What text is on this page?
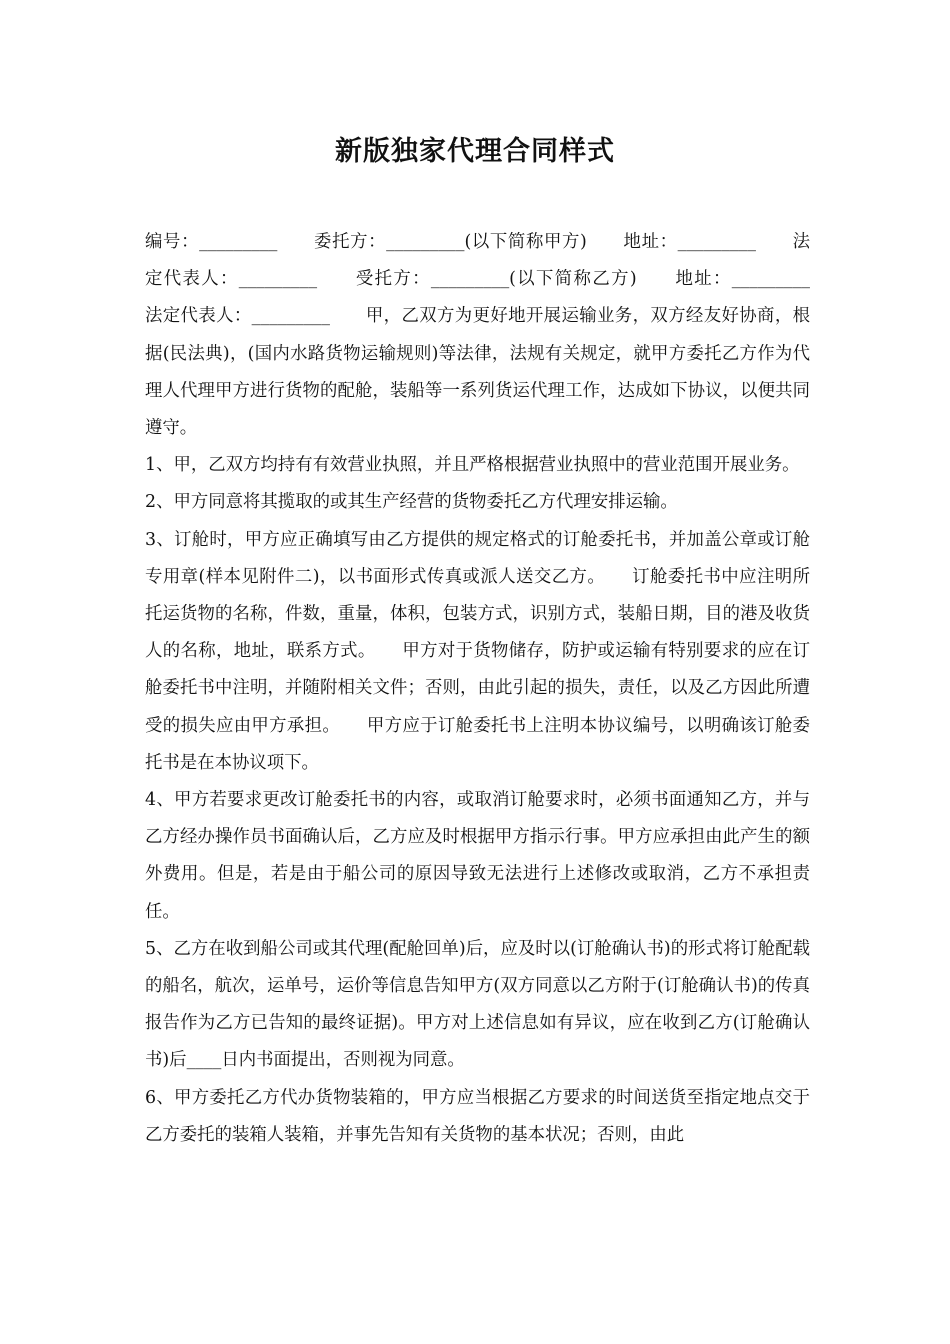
新版独家代理合同样式

编号：_________　　委托方：_________(以下简称甲方)　　地址：_________　　法定代表人：_________　　受托方：_________(以下简称乙方)　　地址：_________　　法定代表人：_________　　甲，乙双方为更好地开展运输业务，双方经友好协商，根据(民法典)，(国内水路货物运输规则)等法律，法规有关规定，就甲方委托乙方作为代理人代理甲方进行货物的配舱，装船等一系列货运代理工作，达成如下协议，以便共同遵守。

1、甲，乙双方均持有有效营业执照，并且严格根据营业执照中的营业范围开展业务。

2、甲方同意将其揽取的或其生产经营的货物委托乙方代理安排运输。

3、订舱时，甲方应正确填写由乙方提供的规定格式的订舱委托书，并加盖公章或订舱专用章(样本见附件二)，以书面形式传真或派人送交乙方。　　订舱委托书中应注明所托运货物的名称，件数，重量，体积，包装方式，识别方式，装船日期，目的港及收货人的名称，地址，联系方式。　　甲方对于货物储存，防护或运输有特别要求的应在订舱委托书中注明，并随附相关文件；否则，由此引起的损失，责任，以及乙方因此所遭受的损失应由甲方承担。　　甲方应于订舱委托书上注明本协议编号，以明确该订舱委托书是在本协议项下。

4、甲方若要求更改订舱委托书的内容，或取消订舱要求时，必须书面通知乙方，并与乙方经办操作员书面确认后，乙方应及时根据甲方指示行事。甲方应承担由此产生的额外费用。但是，若是由于船公司的原因导致无法进行上述修改或取消，乙方不承担责任。

5、乙方在收到船公司或其代理(配舱回单)后，应及时以(订舱确认书)的形式将订舱配载的船名，航次，运单号，运价等信息告知甲方(双方同意以乙方附于(订舱确认书)的传真报告作为乙方已告知的最终证据)。甲方对上述信息如有异议，应在收到乙方(订舱确认书)后____日内书面提出，否则视为同意。

6、甲方委托乙方代办货物装箱的，甲方应当根据乙方要求的时间送货至指定地点交于乙方委托的装箱人装箱，并事先告知有关货物的基本状况；否则，由此
